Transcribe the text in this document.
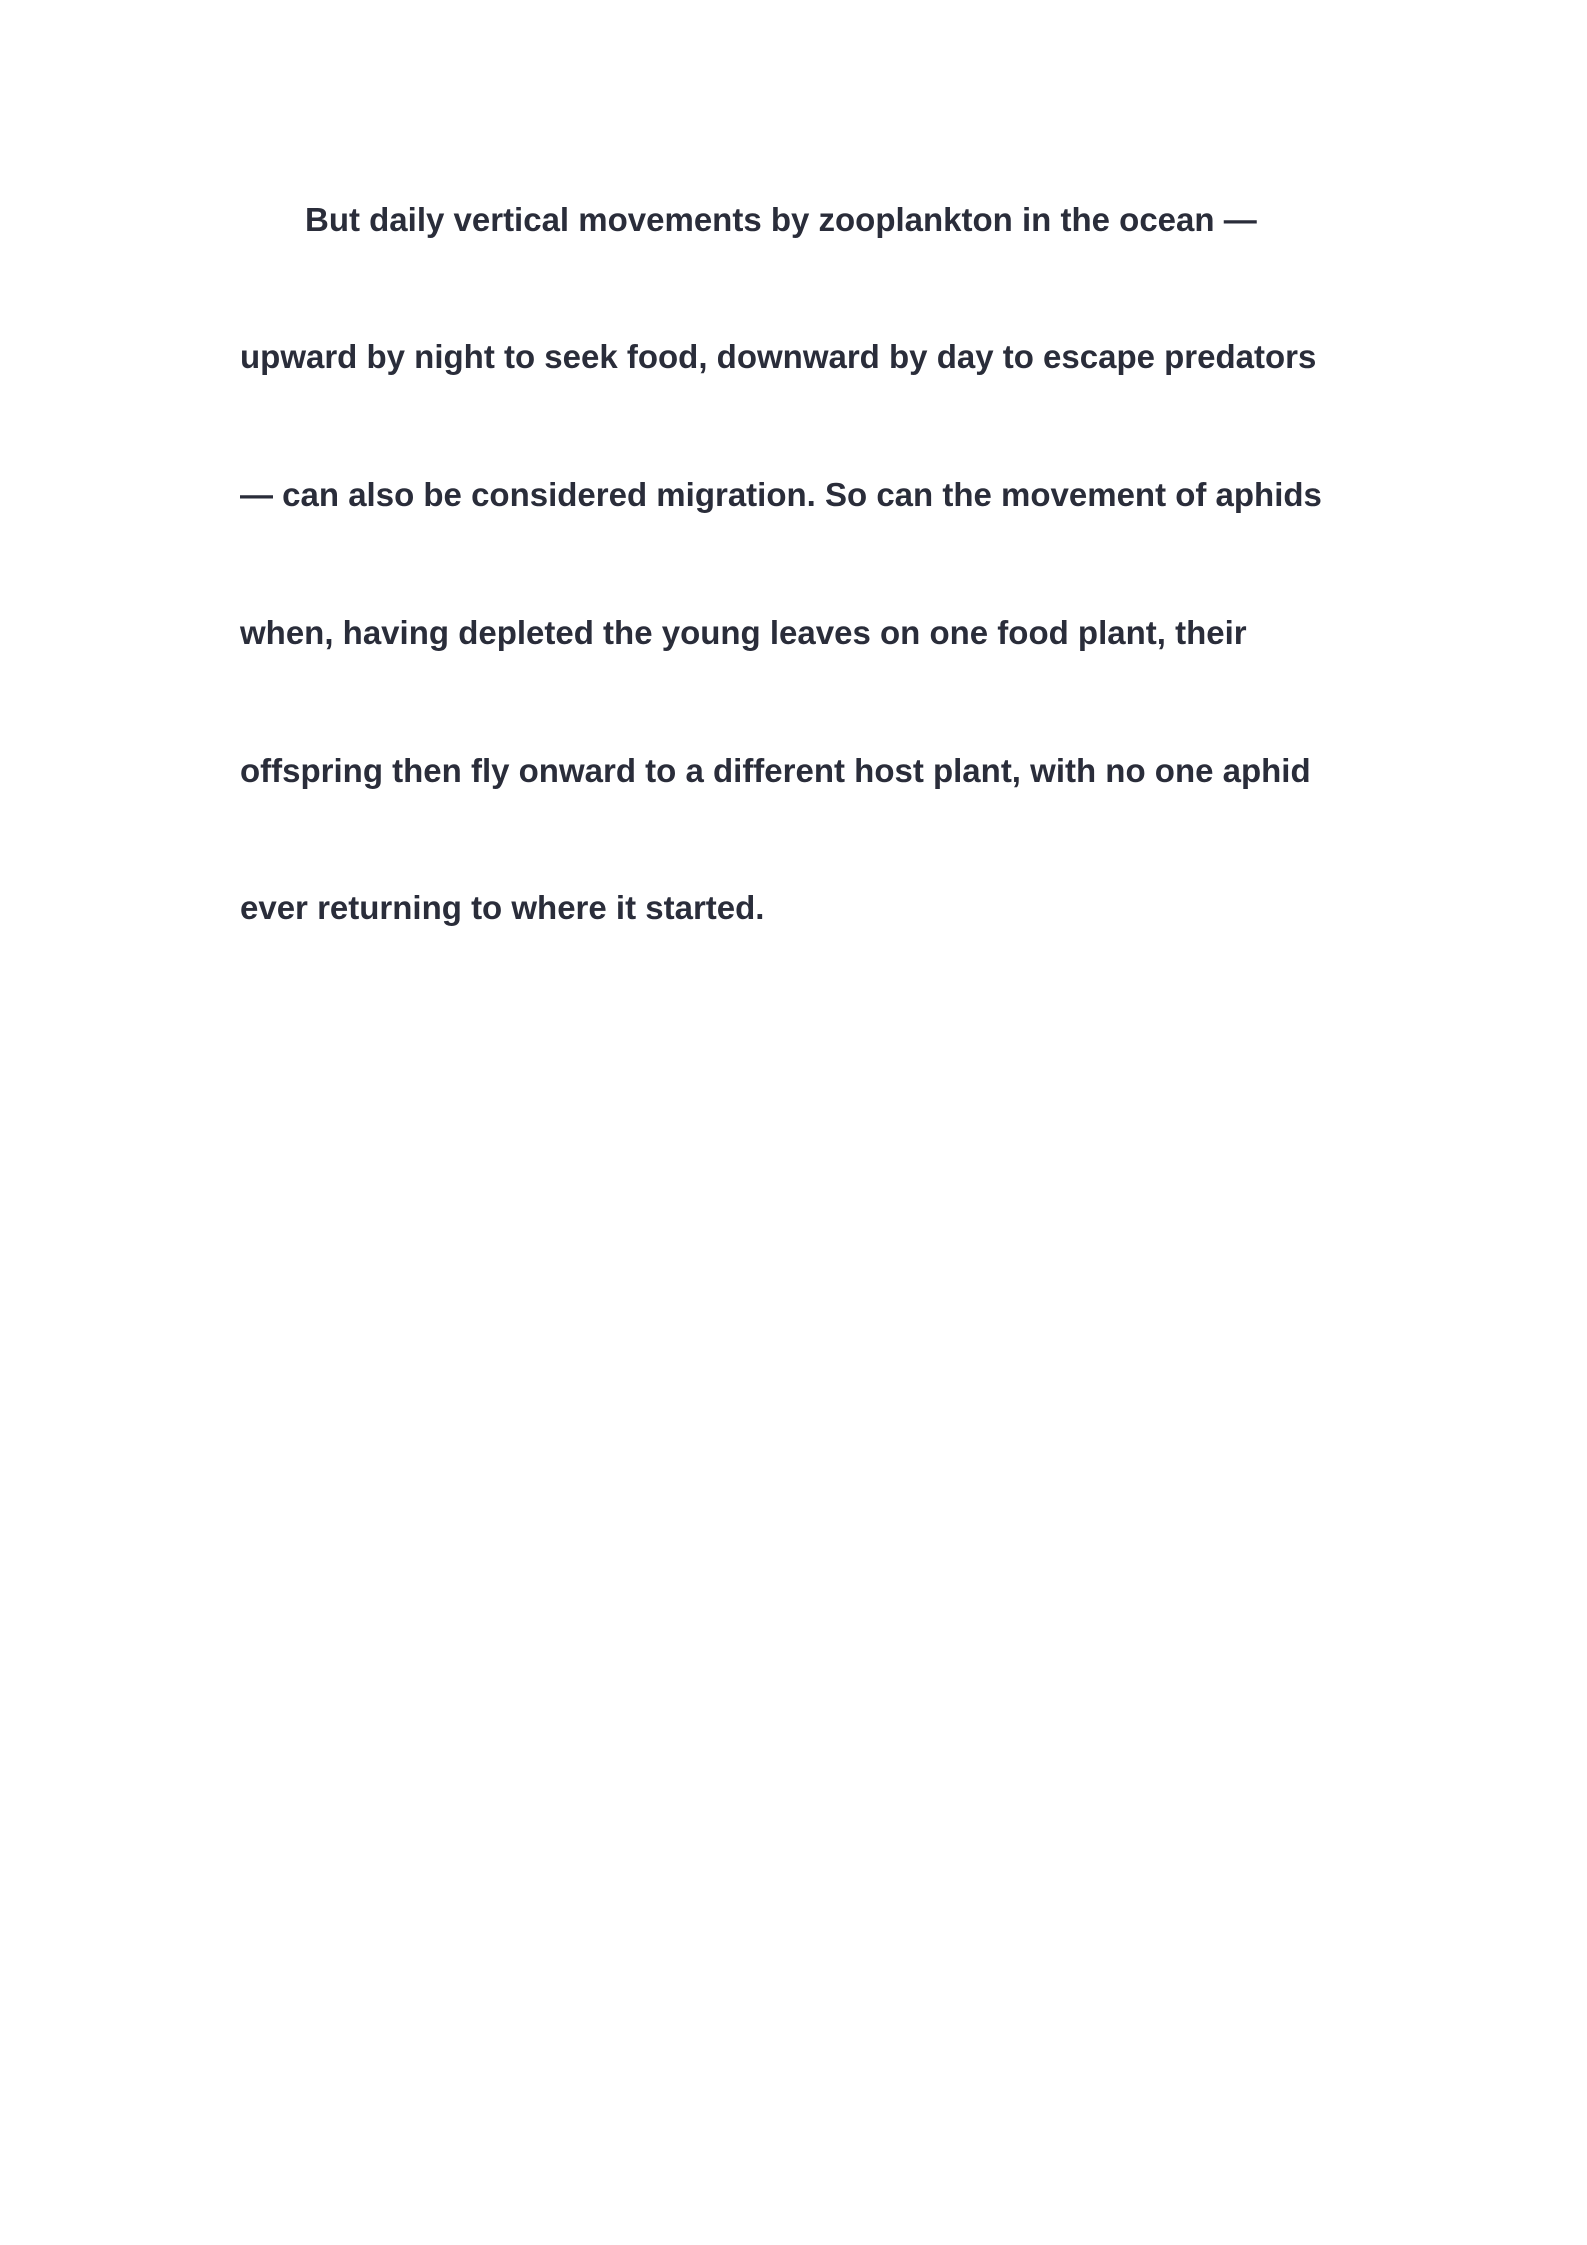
But daily vertical movements by zooplankton in the ocean —
upward by night to seek food, downward by day to escape predators
— can also be considered migration. So can the movement of aphids
when, having depleted the young leaves on one food plant, their
offspring then fly onward to a different host plant, with no one aphid
ever returning to where it started.
